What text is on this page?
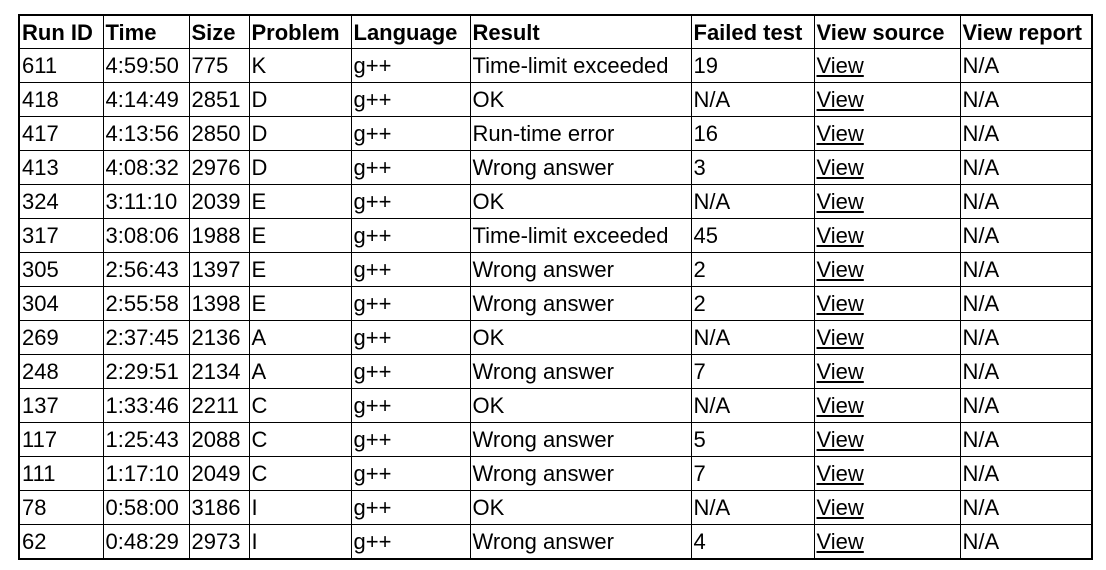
Run ID	Time	Size	Problem	Language	Result	Failed test	View source	View report
611	4:59:50	775	K	g++	Time-limit exceeded	19	View	N/A
418	4:14:49	2851	D	g++	OK	N/A	View	N/A
417	4:13:56	2850	D	g++	Run-time error	16	View	N/A
413	4:08:32	2976	D	g++	Wrong answer	3	View	N/A
324	3:11:10	2039	E	g++	OK	N/A	View	N/A
317	3:08:06	1988	E	g++	Time-limit exceeded	45	View	N/A
305	2:56:43	1397	E	g++	Wrong answer	2	View	N/A
304	2:55:58	1398	E	g++	Wrong answer	2	View	N/A
269	2:37:45	2136	A	g++	OK	N/A	View	N/A
248	2:29:51	2134	A	g++	Wrong answer	7	View	N/A
137	1:33:46	2211	C	g++	OK	N/A	View	N/A
117	1:25:43	2088	C	g++	Wrong answer	5	View	N/A
111	1:17:10	2049	C	g++	Wrong answer	7	View	N/A
78	0:58:00	3186	I	g++	OK	N/A	View	N/A
62	0:48:29	2973	I	g++	Wrong answer	4	View	N/A
